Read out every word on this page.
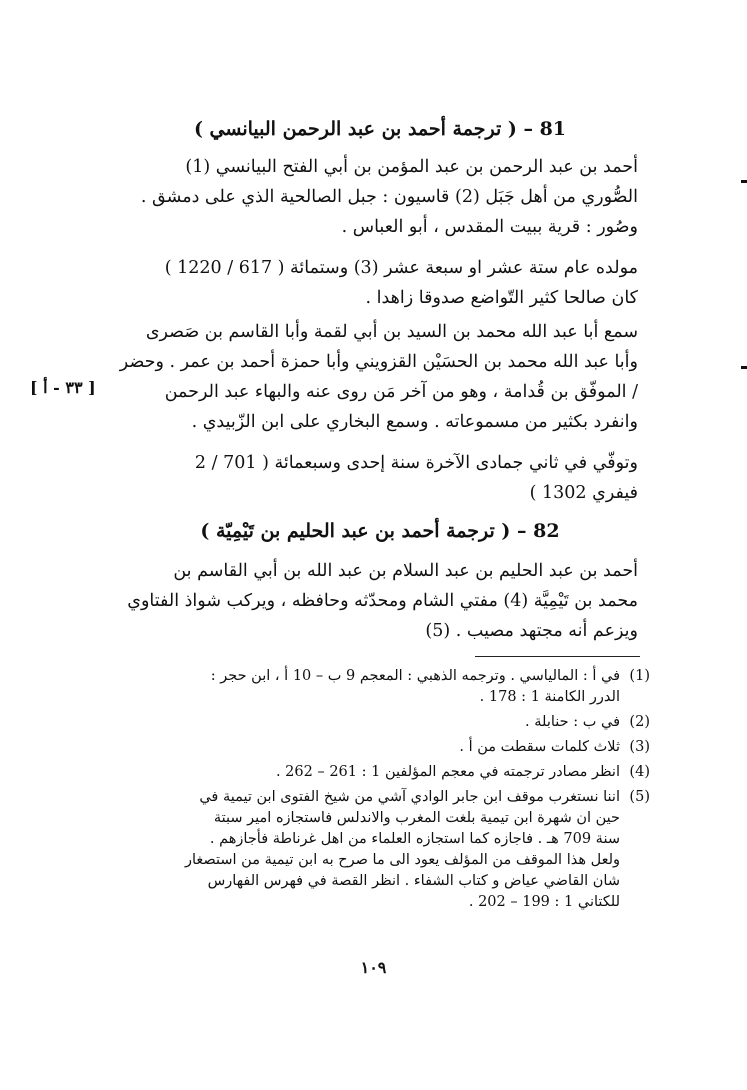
81 – ( ترجمة أحمد بن عبد الرحمن البيانسي )
أحمد بن عبد الرحمن بن عبد المؤمن بن أبي الفتح البيانسي (1)
الصُّوري من أهل جَبَل (2) قاسيون : جبل الصالحية الذي على دمشق .
وصُور : قرية ببيت المقدس ، أبو العباس .
مولده عام ستة عشر او سبعة عشر (3) وستمائة ( 617 / 1220 )
كان صالحا كثير التّواضع صدوقا زاهدا .
سمع أبا عبد الله محمد بن السيد بن أبي لقمة وأبا القاسم بن صَصرى
وأبا عبد الله محمد بن الحسَيْن القزويني وأبا حمزة أحمد بن عمر . وحضر
/ الموفّق بن قُدامة ، وهو من آخر مَن روى عنه والبهاء عبد الرحمن
وانفرد بكثير من مسموعاته . وسمع البخاري على ابن الزّبيدي .
[ ٣٣ - أ ]
وتوفّي في ثاني جمادى الآخرة سنة إحدى وسبعمائة ( 701 / 2
فيفري 1302 )
82 – ( ترجمة أحمد بن عبد الحليم بن تَيْمِيّة )
أحمد بن عبد الحليم بن عبد السلام بن عبد الله بن أبي القاسم بن
محمد بن تَيْمِيَّة (4) مفتي الشام ومحدّثه وحافظه ، ويركب شواذ الفتاوي
ويزعم أنه مجتهد مصيب . (5)
(1)
في أ : المالياسي . وترجمه الذهبي : المعجم 9 ب – 10 أ ، ابن حجر :
الدرر الكامنة 1 : 178 .
(2)
في ب : حنابلة .
(3)
ثلاث كلمات سقطت من أ .
(4)
انظر مصادر ترجمته في معجم المؤلفين 1 : 261 – 262 .
(5)
اننا نستغرب موقف ابن جابر الوادي آشي من شيخ الفتوى ابن تيمية في
حين ان شهرة ابن تيمية بلغت المغرب والاندلس فاستجازه امير سبتة
سنة 709 هـ . فاجازه كما استجازه العلماء من اهل غرناطة فأجازهم .
ولعل هذا الموقف من المؤلف يعود الى ما صرح به ابن تيمية من استصغار
شان القاضي عياض و كتاب الشفاء . انظر القصة في فهرس الفهارس
للكتاني 1 : 199 – 202 .
١٠٩
